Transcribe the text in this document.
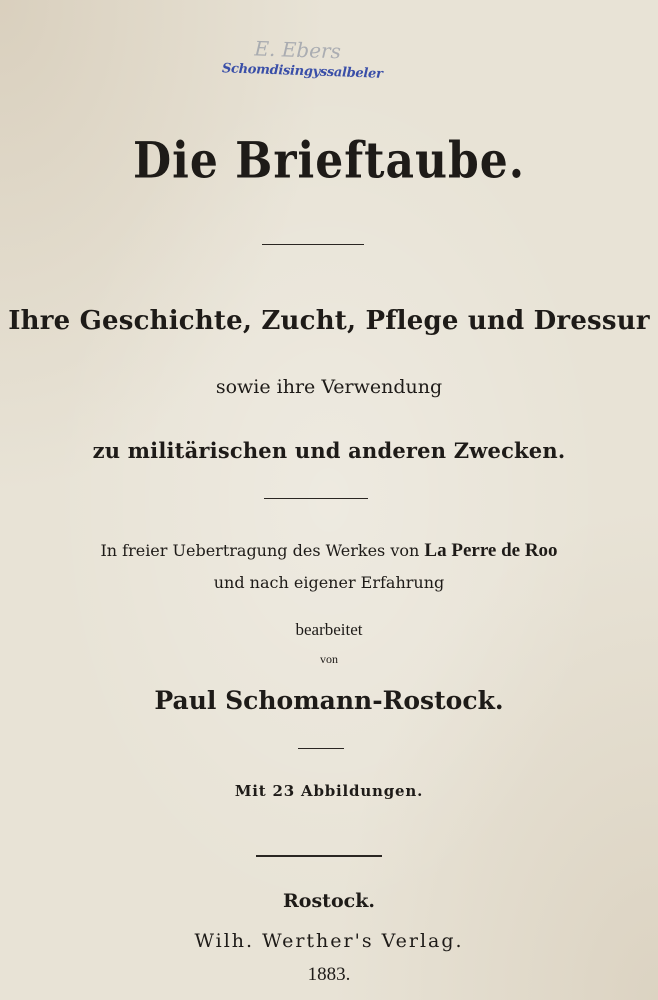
E. Ebers
Schomdisingyssalbeler
Die Brieftaube.
Ihre Geschichte, Zucht, Pflege und Dressur
sowie ihre Verwendung
zu militärischen und anderen Zwecken.
In freier Uebertragung des Werkes von La Perre de Roo
und nach eigener Erfahrung
bearbeitet
von
Paul Schomann-Rostock.
Mit 23 Abbildungen.
Rostock.
Wilh. Werther's Verlag.
1883.
